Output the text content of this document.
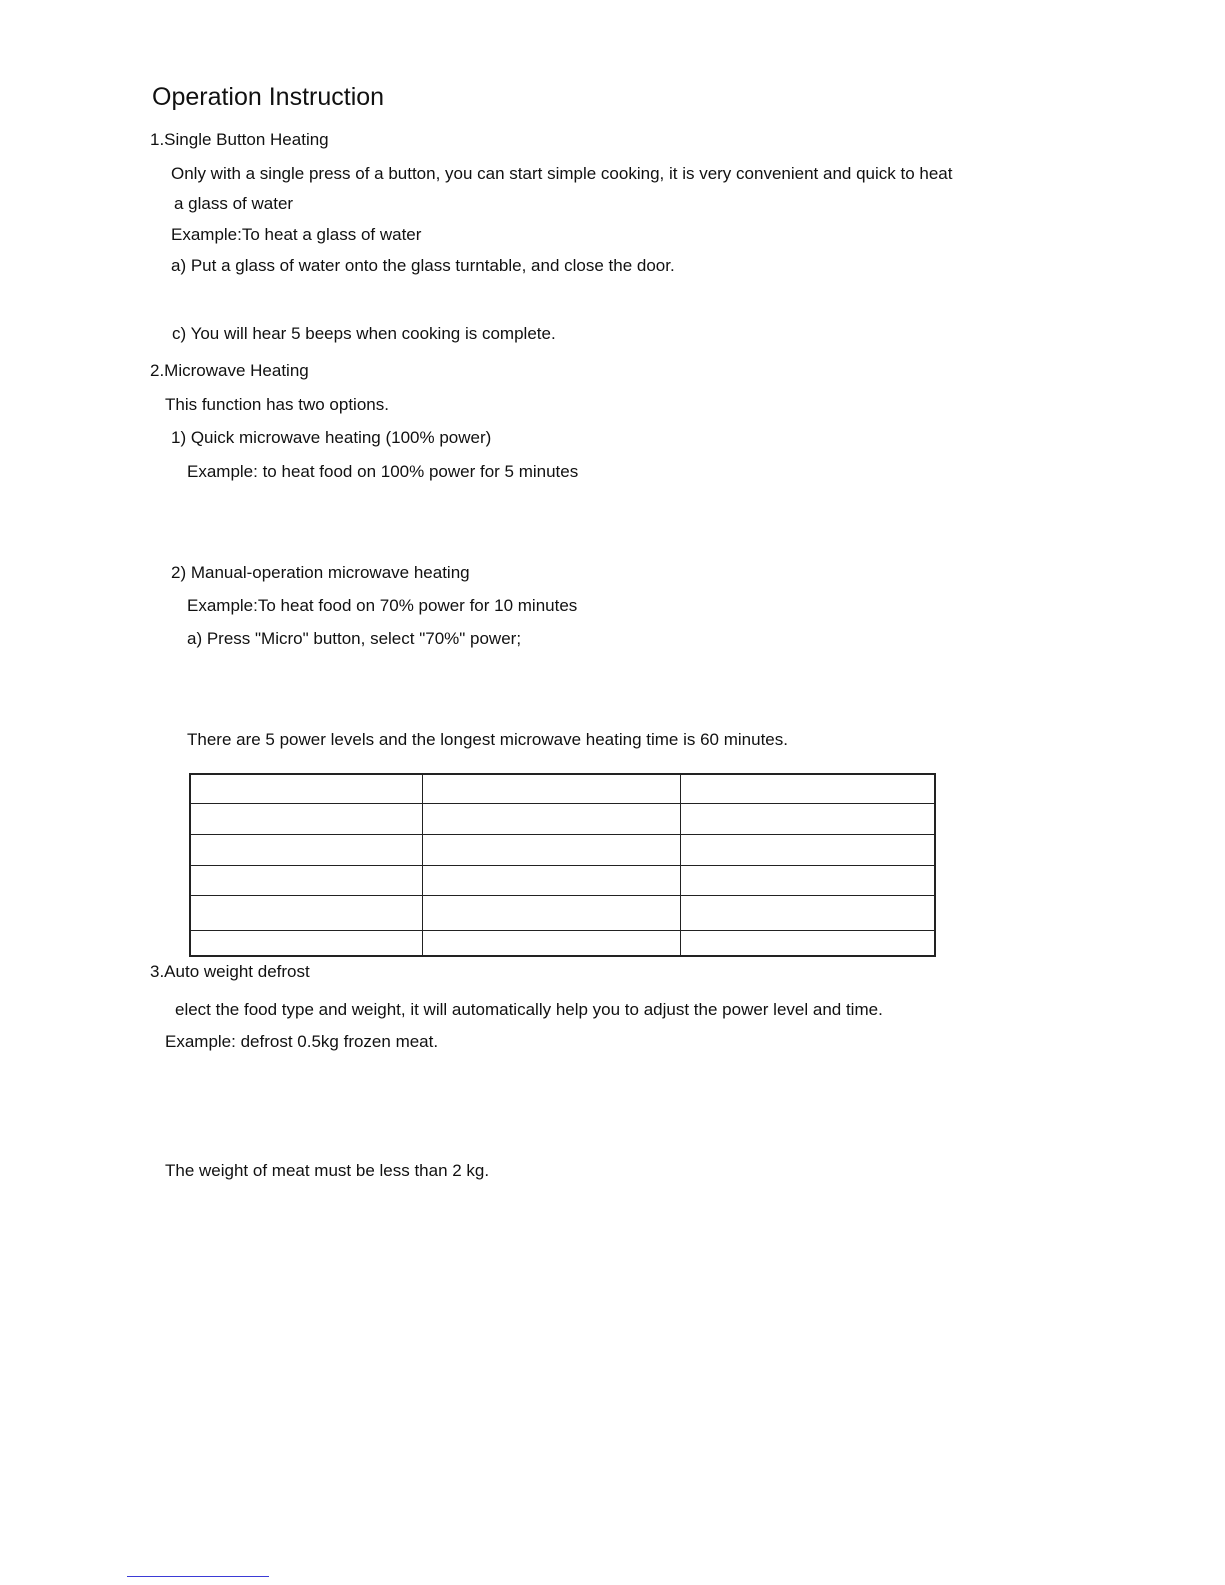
Operation Instruction
1.Single Button Heating
Only with a single press of a button, you can start simple cooking, it is very convenient and quick to heat
a glass of water
Example:To heat a glass of water
a) Put a glass of water onto the glass turntable, and close the door.
c) You will hear 5 beeps when cooking is complete.
2.Microwave Heating
This function has two options.
1) Quick microwave heating (100% power)
Example: to heat food on 100% power for 5 minutes
2) Manual-operation microwave heating
Example:To heat food on 70% power for 10 minutes
a) Press "Micro" button, select "70%" power;
There are 5 power levels and the longest microwave heating time is 60 minutes.

3.Auto weight defrost
elect the food type and weight, it will automatically help you to adjust the power level and time.
Example: defrost 0.5kg frozen meat.
The weight of meat must be less than 2 kg.
